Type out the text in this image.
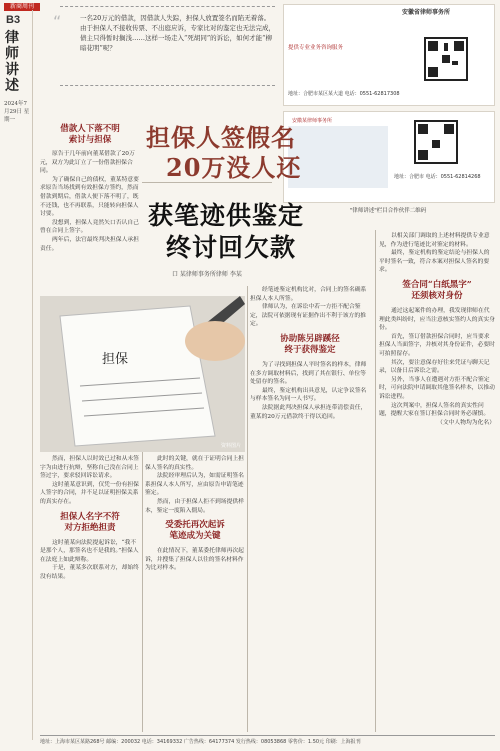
新商周刊
B3
律师讲述
2024年7月29日 星期一
“	一名20万元的借款，因借款人失踪，担保人放置签名而陷无着落。由于担保人不接收传票、不出庭应诉，专家比对的鉴定也无法完成，债主只得暂时搁浅……这样一场走入“死胡同”的诉讼，如何才能“柳暗花明”呢？

安徽省律师事务所
提供专业业务咨询服务
地址：合肥市某区某大道 电话：0551-62817308
安徽某律师事务所
地址：合肥市 电话：0551-62814268
"律师讲述"栏目合作伙伴二维码
担保人签假名
20万没人还
获笔迹供鉴定
终讨回欠款
口 某律师事务所律师 李某
借款人下落不明
索讨与担保

原告于几年前向董某借款了20万元，双方为此订立了一份借款担保合同。

为了确保自己的债权，董某特意要求原告当场找到有效担保方签约，然而借款到期后，借款人便下落不明了，既不还钱，也不再联系，只能转向担保人讨要。

没想到，担保人竟然矢口否认自己曾在合同上签字。

两年后，法官最终判决担保人承担责任。

担保
资料图片

然而，担保人以时效已过和从未签字为由进行抗辩，坚称自己没在合同上签过字，要求驳回诉讼请求。

这时董某意识到，仅凭一份有担保人签字的合同，并不足以证明担保关系的真实存在。

担保人名字不符
对方拒绝担责

这时董某向法院提起诉讼，“我不是那个人，那签名也不是我的。”担保人在法庭上如此辩称。

于是，董某多次联系对方，却始终没有结果。

此时的关键，就在于证明合同上担保人签名的真实性。

法院经审理后认为，如需证明签名系担保人本人所写，应由原告申请笔迹鉴定。

然而，由于担保人拒不到场提供样本，鉴定一度陷入僵局。

受委托再次起诉
笔迹成为关键

在此情况下，董某委托律师再次起诉，并搜集了担保人以往的签名材料作为比对样本。

经笔迹鉴定机构比对，合同上的签名确系担保人本人所签。

律师认为，在诉讼中若一方拒不配合鉴定，法院可依据现有证据作出不利于该方的推定。

协助陈另辟蹊径
终于获得鉴定

为了寻找到担保人平时签名的样本，律师在多方调取材料后，找到了其在银行、单位等处留存的签名。

最终，鉴定机构出具意见，认定争议签名与样本签名为同一人书写。

法院据此判决担保人承担连带清偿责任，董某的20万元借款终于得以追回。

以相关部门调取的上述材料提供专业意见，作为进行笔迹比对鉴定的材料。

最终，鉴定机构的鉴定结论与担保人的平时签名一致，符合本案对担保人签名的要求。

签合同“白纸黑字”
还须核对身份

通过这起案件的办理，我发现律师在代理此类纠纷时，应当注意核实签约人的真实身份。

首先，签订借款担保合同时，应当要求担保人当面签字，并核对其身份证件，必要时可拍照留存。

其次，要注意保存好往来凭证与聊天记录，以备日后诉讼之需。

另外，当事人在遭遇对方拒不配合鉴定时，可向法院申请调取其他签名样本，以推动诉讼进程。

这次判案中，担保人签名的真实性问题，提醒大家在签订担保合同时务必谨慎。

（文中人物均为化名）

地址：上海市某区某路268号 邮编：200032 电话：34169332 广告热线：64177374 发行热线：08053868 零售价：1.50元 印刷：上海报刊
